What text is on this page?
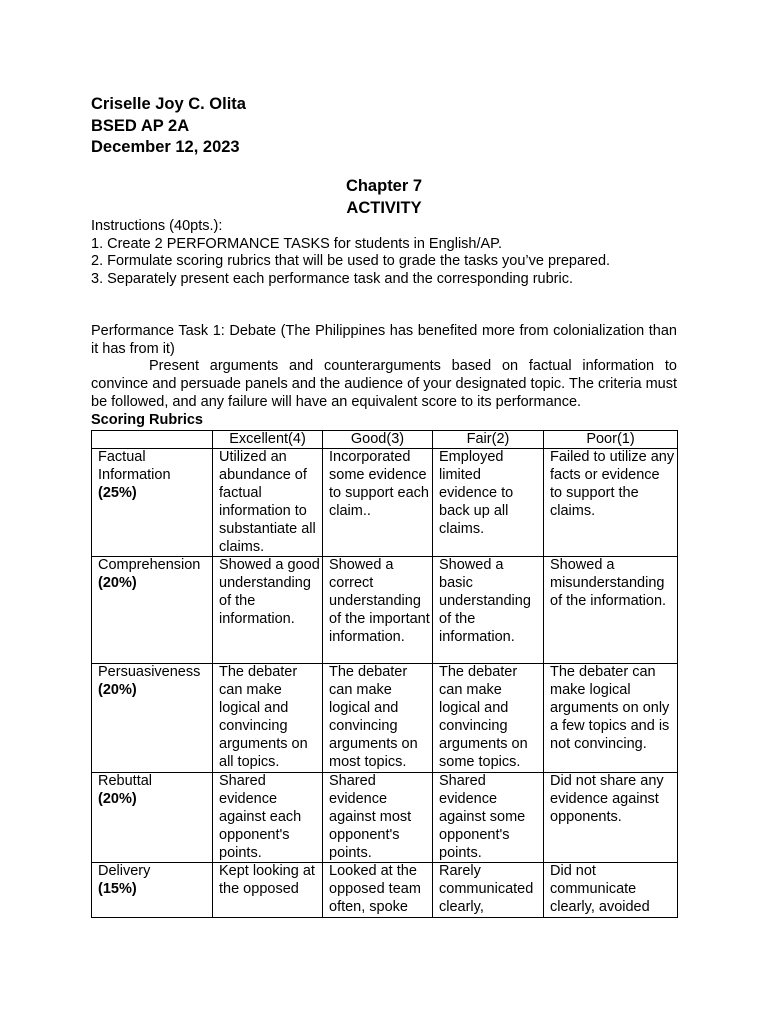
Criselle Joy C. Olita
BSED AP 2A
December 12, 2023
Chapter 7
ACTIVITY
Instructions (40pts.):
1. Create 2 PERFORMANCE TASKS for students in English/AP.
2. Formulate scoring rubrics that will be used to grade the tasks you’ve prepared.
3. Separately present each performance task and the corresponding rubric.

Performance Task 1: Debate (The Philippines has benefited more from colonialization than it has from it)

Present arguments and counterarguments based on factual information to convince and persuade panels and the audience of your designated topic. The criteria must be followed, and any failure will have an equivalent score to its performance.

Scoring Rubrics
	Excellent(4)	Good(3)	Fair(2)	Poor(1)

Factual Information
(25%)	Utilized an abundance of factual information to substantiate all claims.	Incorporated some evidence to support each claim..	Employed limited evidence to back up all claims.	Failed to utilize any facts or evidence to support the claims.

Comprehension
(20%)	Showed a good understanding of the information.	Showed a correct understanding of the important information.	Showed a basic understanding of the information.	Showed a misunderstanding of the information.

Persuasiveness
(20%)	The debater can make logical and convincing arguments on all topics.	The debater can make logical and convincing arguments on most topics.	The debater can make logical and convincing arguments on some topics.	The debater can make logical arguments on only a few topics and is not convincing.

Rebuttal
(20%)	Shared evidence against each opponent's points.	Shared evidence against most opponent's points.	Shared evidence against some opponent's points.	Did not share any evidence against opponents.

Delivery
(15%)	Kept looking at the opposed	Looked at the opposed team often, spoke	Rarely communicated clearly,	Did not communicate clearly, avoided
